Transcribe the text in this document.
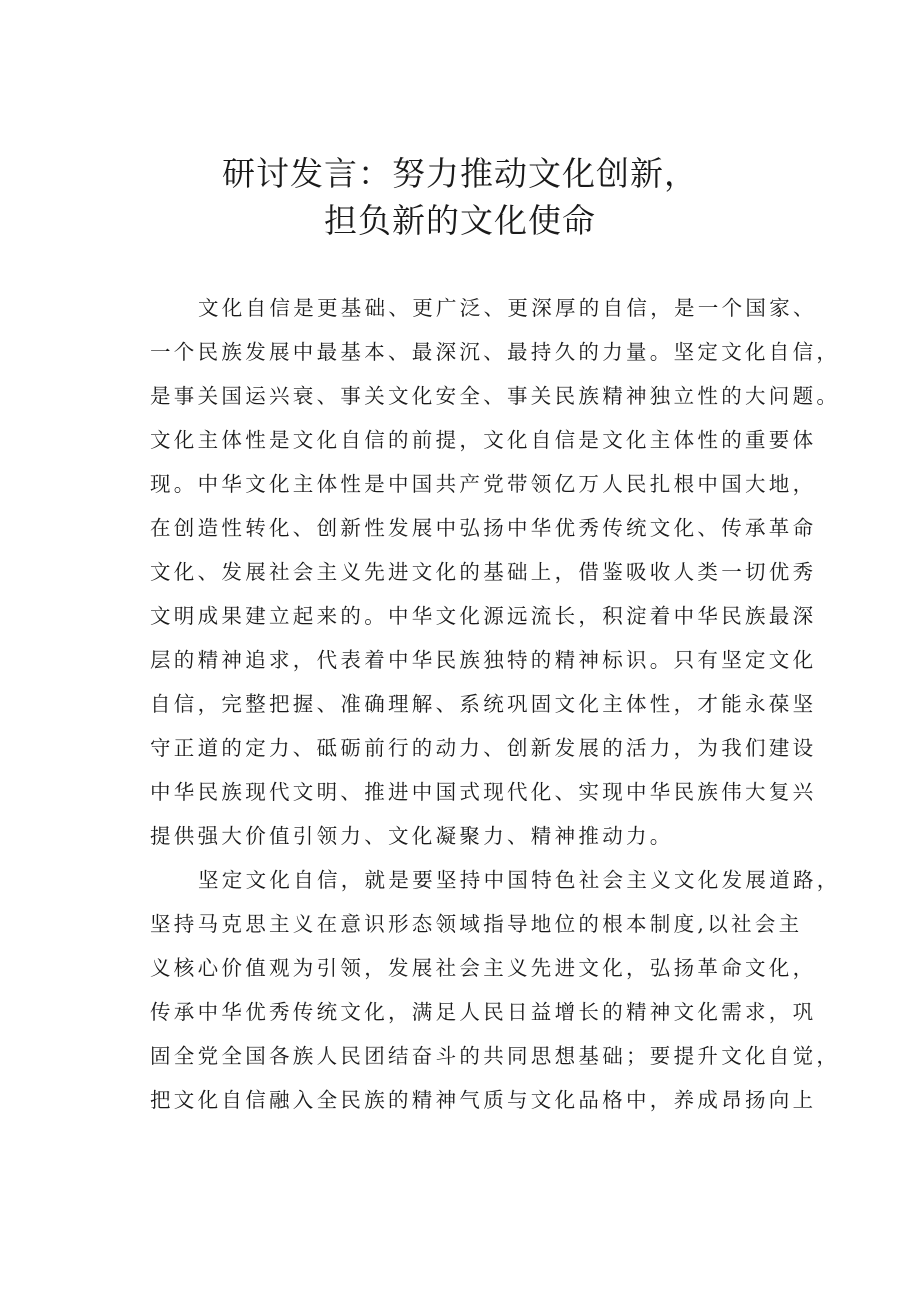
研讨发言：努力推动文化创新，
担负新的文化使命
文化自信是更基础、更广泛、更深厚的自信，是一个国家、
一个民族发展中最基本、最深沉、最持久的力量。坚定文化自信，
是事关国运兴衰、事关文化安全、事关民族精神独立性的大问题。
文化主体性是文化自信的前提，文化自信是文化主体性的重要体
现。中华文化主体性是中国共产党带领亿万人民扎根中国大地，
在创造性转化、创新性发展中弘扬中华优秀传统文化、传承革命
文化、发展社会主义先进文化的基础上，借鉴吸收人类一切优秀
文明成果建立起来的。中华文化源远流长，积淀着中华民族最深
层的精神追求，代表着中华民族独特的精神标识。只有坚定文化
自信，完整把握、准确理解、系统巩固文化主体性，才能永葆坚
守正道的定力、砥砺前行的动力、创新发展的活力，为我们建设
中华民族现代文明、推进中国式现代化、实现中华民族伟大复兴
提供强大价值引领力、文化凝聚力、精神推动力。
坚定文化自信，就是要坚持中国特色社会主义文化发展道路，
坚持马克思主义在意识形态领域指导地位的根本制度,以社会主
义核心价值观为引领，发展社会主义先进文化，弘扬革命文化，
传承中华优秀传统文化，满足人民日益增长的精神文化需求，巩
固全党全国各族人民团结奋斗的共同思想基础；要提升文化自觉，
把文化自信融入全民族的精神气质与文化品格中，养成昂扬向上
